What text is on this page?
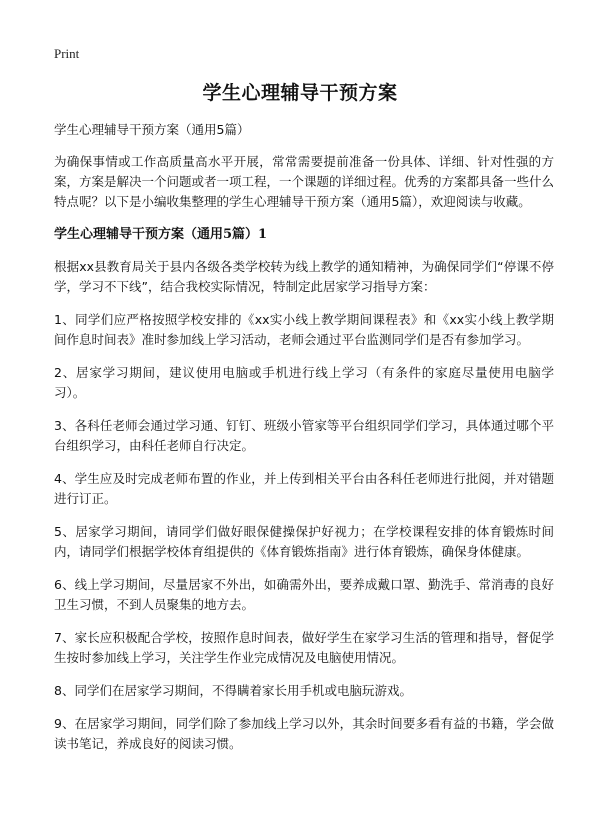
Print
学生心理辅导干预方案

学生心理辅导干预方案（通用5篇）

为确保事情或工作高质量高水平开展，常常需要提前准备一份具体、详细、针对性强的方案，方案是解决一个问题或者一项工程，一个课题的详细过程。优秀的方案都具备一些什么特点呢？以下是小编收集整理的学生心理辅导干预方案（通用5篇），欢迎阅读与收藏。

学生心理辅导干预方案（通用5篇）1

根据xx县教育局关于县内各级各类学校转为线上教学的通知精神，为确保同学们“停课不停学，学习不下线”，结合我校实际情况，特制定此居家学习指导方案：

1、同学们应严格按照学校安排的《xx实小线上教学期间课程表》和《xx实小线上教学期间作息时间表》准时参加线上学习活动，老师会通过平台监测同学们是否有参加学习。

2、居家学习期间，建议使用电脑或手机进行线上学习（有条件的家庭尽量使用电脑学习）。

3、各科任老师会通过学习通、钉钉、班级小管家等平台组织同学们学习，具体通过哪个平台组织学习，由科任老师自行决定。

4、学生应及时完成老师布置的作业，并上传到相关平台由各科任老师进行批阅，并对错题进行订正。

5、居家学习期间，请同学们做好眼保健操保护好视力；在学校课程安排的体育锻炼时间内，请同学们根据学校体育组提供的《体育锻炼指南》进行体育锻炼，确保身体健康。

6、线上学习期间，尽量居家不外出，如确需外出，要养成戴口罩、勤洗手、常消毒的良好卫生习惯，不到人员聚集的地方去。

7、家长应积极配合学校，按照作息时间表，做好学生在家学习生活的管理和指导，督促学生按时参加线上学习，关注学生作业完成情况及电脑使用情况。

8、同学们在居家学习期间，不得瞒着家长用手机或电脑玩游戏。

9、在居家学习期间，同学们除了参加线上学习以外，其余时间要多看有益的书籍，学会做读书笔记，养成良好的阅读习惯。
